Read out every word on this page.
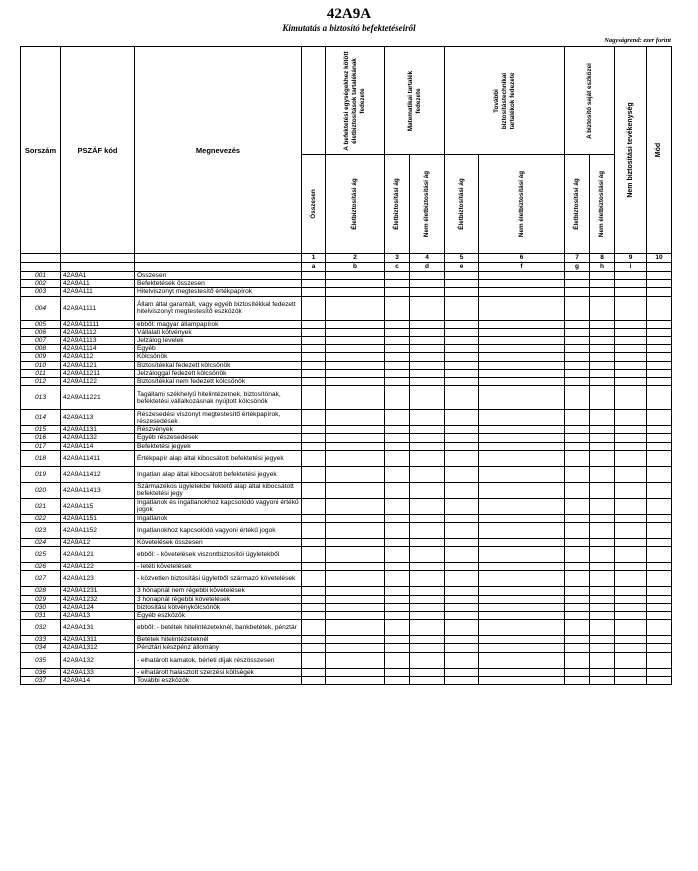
42A9A
Kimutatás a biztosító befektetéseiről
Nagyságrend: ezer forint
Sorszám	PSZÁF kód	Megnevezés		A befektetési egységekhez kötött életbiztosítások tartalékának fedezete	Matematikai tartalék fedezete		További biztosítástechnikai tartalékok fedezete		A biztosító saját eszközei		Nem biztosítási tevékenység	Mód

			Összesen	Életbiztosítási ág	Életbiztosítási ág	Nem életbiztosítási ág	Életbiztosítási ág	Nem életbiztosítási ág	Életbiztosítási ág	Nem életbiztosítási ág		

			1	2	3	4	5	6	7	8	9	10
			a	b	c	d	e	f	g	h	i	
001	42A9A1	Összesen										
002	42A9A11	Befektetések összesen										
003	42A9A111	Hitelviszonyt megtestesítő értékpapírok										
004	42A9A1111	Állam által garantált, vagy egyéb biztosítékkal fedezett hitelviszonyt megtestesítő eszközök										
005	42A9A11111	ebből: magyar állampapírok										
006	42A9A1112	Vállalati kötvények										
007	42A9A1113	Jelzálog levelek										
008	42A9A1114	Egyéb										
009	42A9A112	Kölcsönök										
010	42A9A1121	Biztosítékkal fedezett kölcsönök										
011	42A9A11211	Jelzáloggal fedezett kölcsönök										
012	42A9A1122	Biztosítékkal nem fedezett kölcsönök										
013	42A9A11221	Tagállami székhelyű hitelintézetnek, biztosítónak, befektetési vállalkozásnak nyújtott kölcsönök										
014	42A9A113	Részesedési viszonyt megtestesítő értékpapírok, részesedések										
015	42A9A1131	Részvények										
016	42A9A1132	Egyéb részesedések										
017	42A9A114	Befektetési jegyek										
018	42A9A11411	Értékpapír alap által kibocsátott befektetési jegyek										
019	42A9A11412	Ingatlan alap által kibocsátott befektetési jegyek										
020	42A9A11413	Származékos ügyletekbe fektető alap által kibocsátott befektetési jegy										
021	42A9A115	Ingatlanok és ingatlanokhoz kapcsolódó vagyoni értékű jogok										
022	42A9A1151	Ingatlanok										
023	42A9A1152	Ingatlanokhoz kapcsolódó vagyoni értékű jogok										
024	42A9A12	Követelések összesen										
025	42A9A121	ebből: - követelések viszontbiztosítói ügyletekből										
026	42A9A122	- letéti követelések										
027	42A9A123	- közvetlen biztosítási ügyletből származó követelések										
028	42A9A1231	3 hónapnál nem régebbi követelések										
029	42A9A1232	3 hónapnál régebbi követelések										
030	42A9A124	biztosítási kötvénykölcsönök										
031	42A9A13	Egyéb eszközök										
032	42A9A131	ebből: - betétek hitelintézeteknél, bankbetétek, pénztár										
033	42A9A1311	Betétek hitelintézeteknél										
034	42A9A1312	Pénztári készpénz állomány										
035	42A9A132	- elhatárolt kamatok, bérleti díjak részösszesen										
036	42A9A133	- elhatárolt halasztott szerzési költségek										
037	42A9A14	További eszközök										
